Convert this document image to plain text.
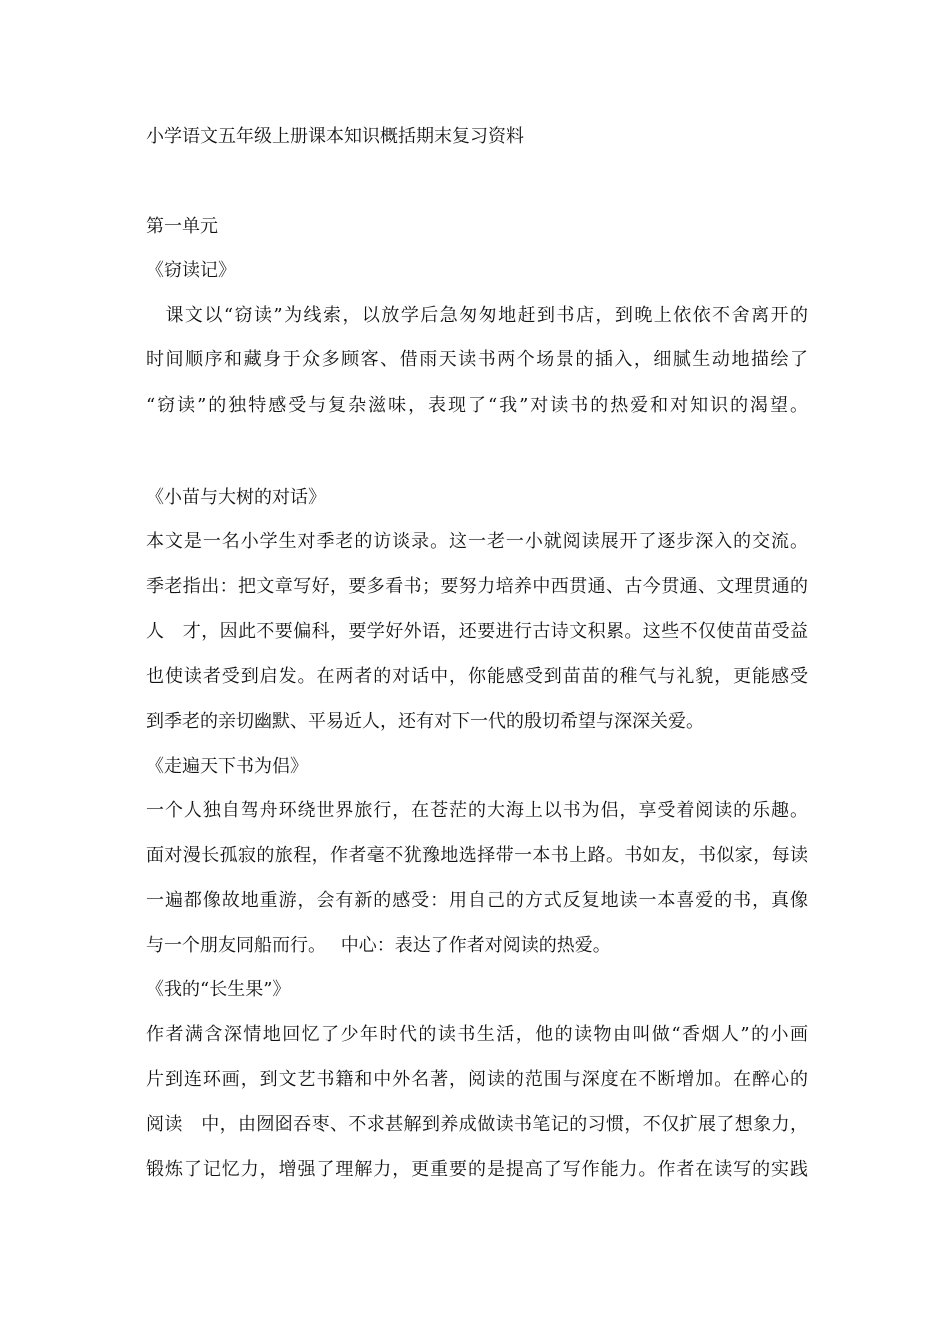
小学语文五年级上册课本知识概括期末复习资料
第一单元
《窃读记》
　课文以“窃读”为线索，以放学后急匆匆地赶到书店，到晚上依依不舍离开的
时间顺序和藏身于众多顾客、借雨天读书两个场景的插入，细腻生动地描绘了
“窃读”的独特感受与复杂滋味，表现了“我”对读书的热爱和对知识的渴望。
《小苗与大树的对话》
本文是一名小学生对季老的访谈录。这一老一小就阅读展开了逐步深入的交流。
季老指出：把文章写好，要多看书；要努力培养中西贯通、古今贯通、文理贯通的
人　才，因此不要偏科，要学好外语，还要进行古诗文积累。这些不仅使苗苗受益
也使读者受到启发。在两者的对话中，你能感受到苗苗的稚气与礼貌，更能感受
到季老的亲切幽默、平易近人，还有对下一代的殷切希望与深深关爱。
《走遍天下书为侣》
一个人独自驾舟环绕世界旅行，在苍茫的大海上以书为侣，享受着阅读的乐趣。
面对漫长孤寂的旅程，作者毫不犹豫地选择带一本书上路。书如友，书似家，每读
一遍都像故地重游，会有新的感受：用自己的方式反复地读一本喜爱的书，真像
与一个朋友同船而行。　 中心：表达了作者对阅读的热爱。
《我的“长生果”》
作者满含深情地回忆了少年时代的读书生活，他的读物由叫做“香烟人”的小画
片到连环画，到文艺书籍和中外名著，阅读的范围与深度在不断增加。在醉心的
阅读　中，由囫囵吞枣、不求甚解到养成做读书笔记的习惯，不仅扩展了想象力，
锻炼了记忆力，增强了理解力，更重要的是提高了写作能力。作者在读写的实践
